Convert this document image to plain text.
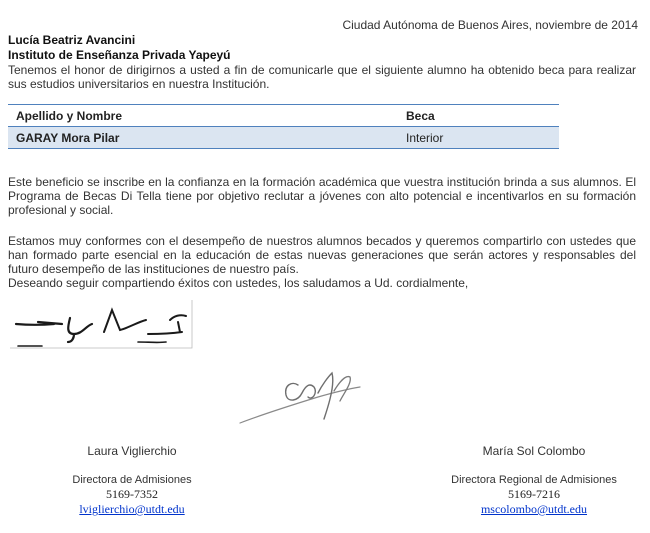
Ciudad Autónoma de Buenos Aires, noviembre de 2014
Lucía Beatriz Avancini
Instituto de Enseñanza Privada Yapeyú
Tenemos el honor de dirigirnos a usted a fin de comunicarle que el siguiente alumno ha obtenido beca para realizar sus estudios universitarios en nuestra Institución.
Apellido y Nombre	Beca
GARAY Mora Pilar	Interior
Este beneficio se inscribe en la confianza en la formación académica que vuestra institución brinda a sus alumnos. El Programa de Becas Di Tella tiene por objetivo reclutar a jóvenes con alto potencial e incentivarlos en su formación profesional y social.
Estamos muy conformes con el desempeño de nuestros alumnos becados y queremos compartirlo con ustedes que han formado parte esencial en la educación de estas nuevas generaciones que serán actores y responsables del futuro desempeño de las instituciones de nuestro país.
Deseando seguir compartiendo éxitos con ustedes, los saludamos a Ud. cordialmente,
Laura Viglierchio
Directora de Admisiones
5169-7352
lviglierchio@utdt.edu
María Sol Colombo
Directora Regional de Admisiones
5169-7216
mscolombo@utdt.edu
